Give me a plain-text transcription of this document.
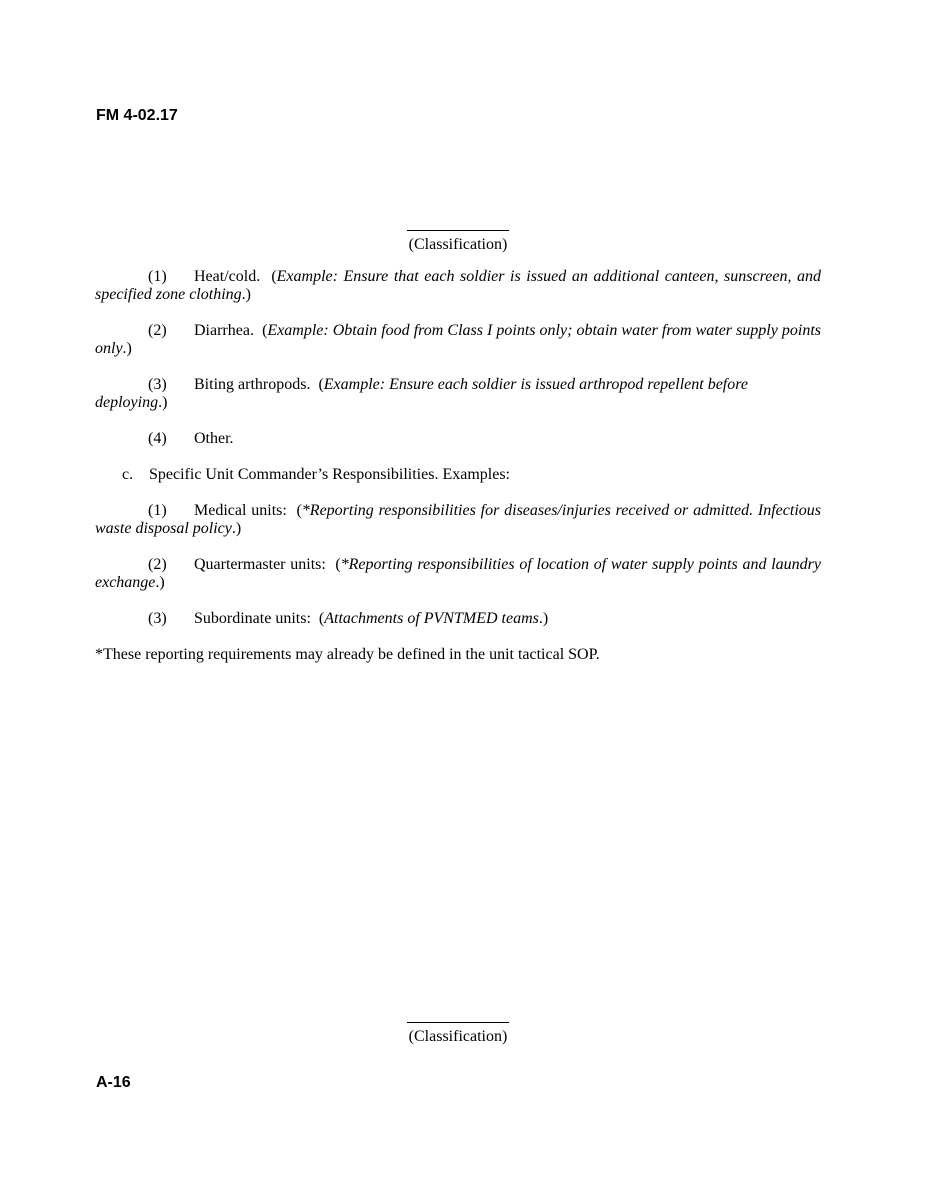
FM 4-02.17
(Classification)

(1) Heat/cold. (Example: Ensure that each soldier is issued an additional canteen, sunscreen, and specified zone clothing.)

(2) Diarrhea. (Example: Obtain food from Class I points only; obtain water from water supply points only.)

(3) Biting arthropods. (Example: Ensure each soldier is issued arthropod repellent before deploying.)

(4) Other.

c. Specific Unit Commander’s Responsibilities. Examples:

(1) Medical units: (*Reporting responsibilities for diseases/injuries received or admitted. Infectious waste disposal policy.)

(2) Quartermaster units: (*Reporting responsibilities of location of water supply points and laundry exchange.)

(3) Subordinate units: (Attachments of PVNTMED teams.)

*These reporting requirements may already be defined in the unit tactical SOP.

(Classification)
A-16
